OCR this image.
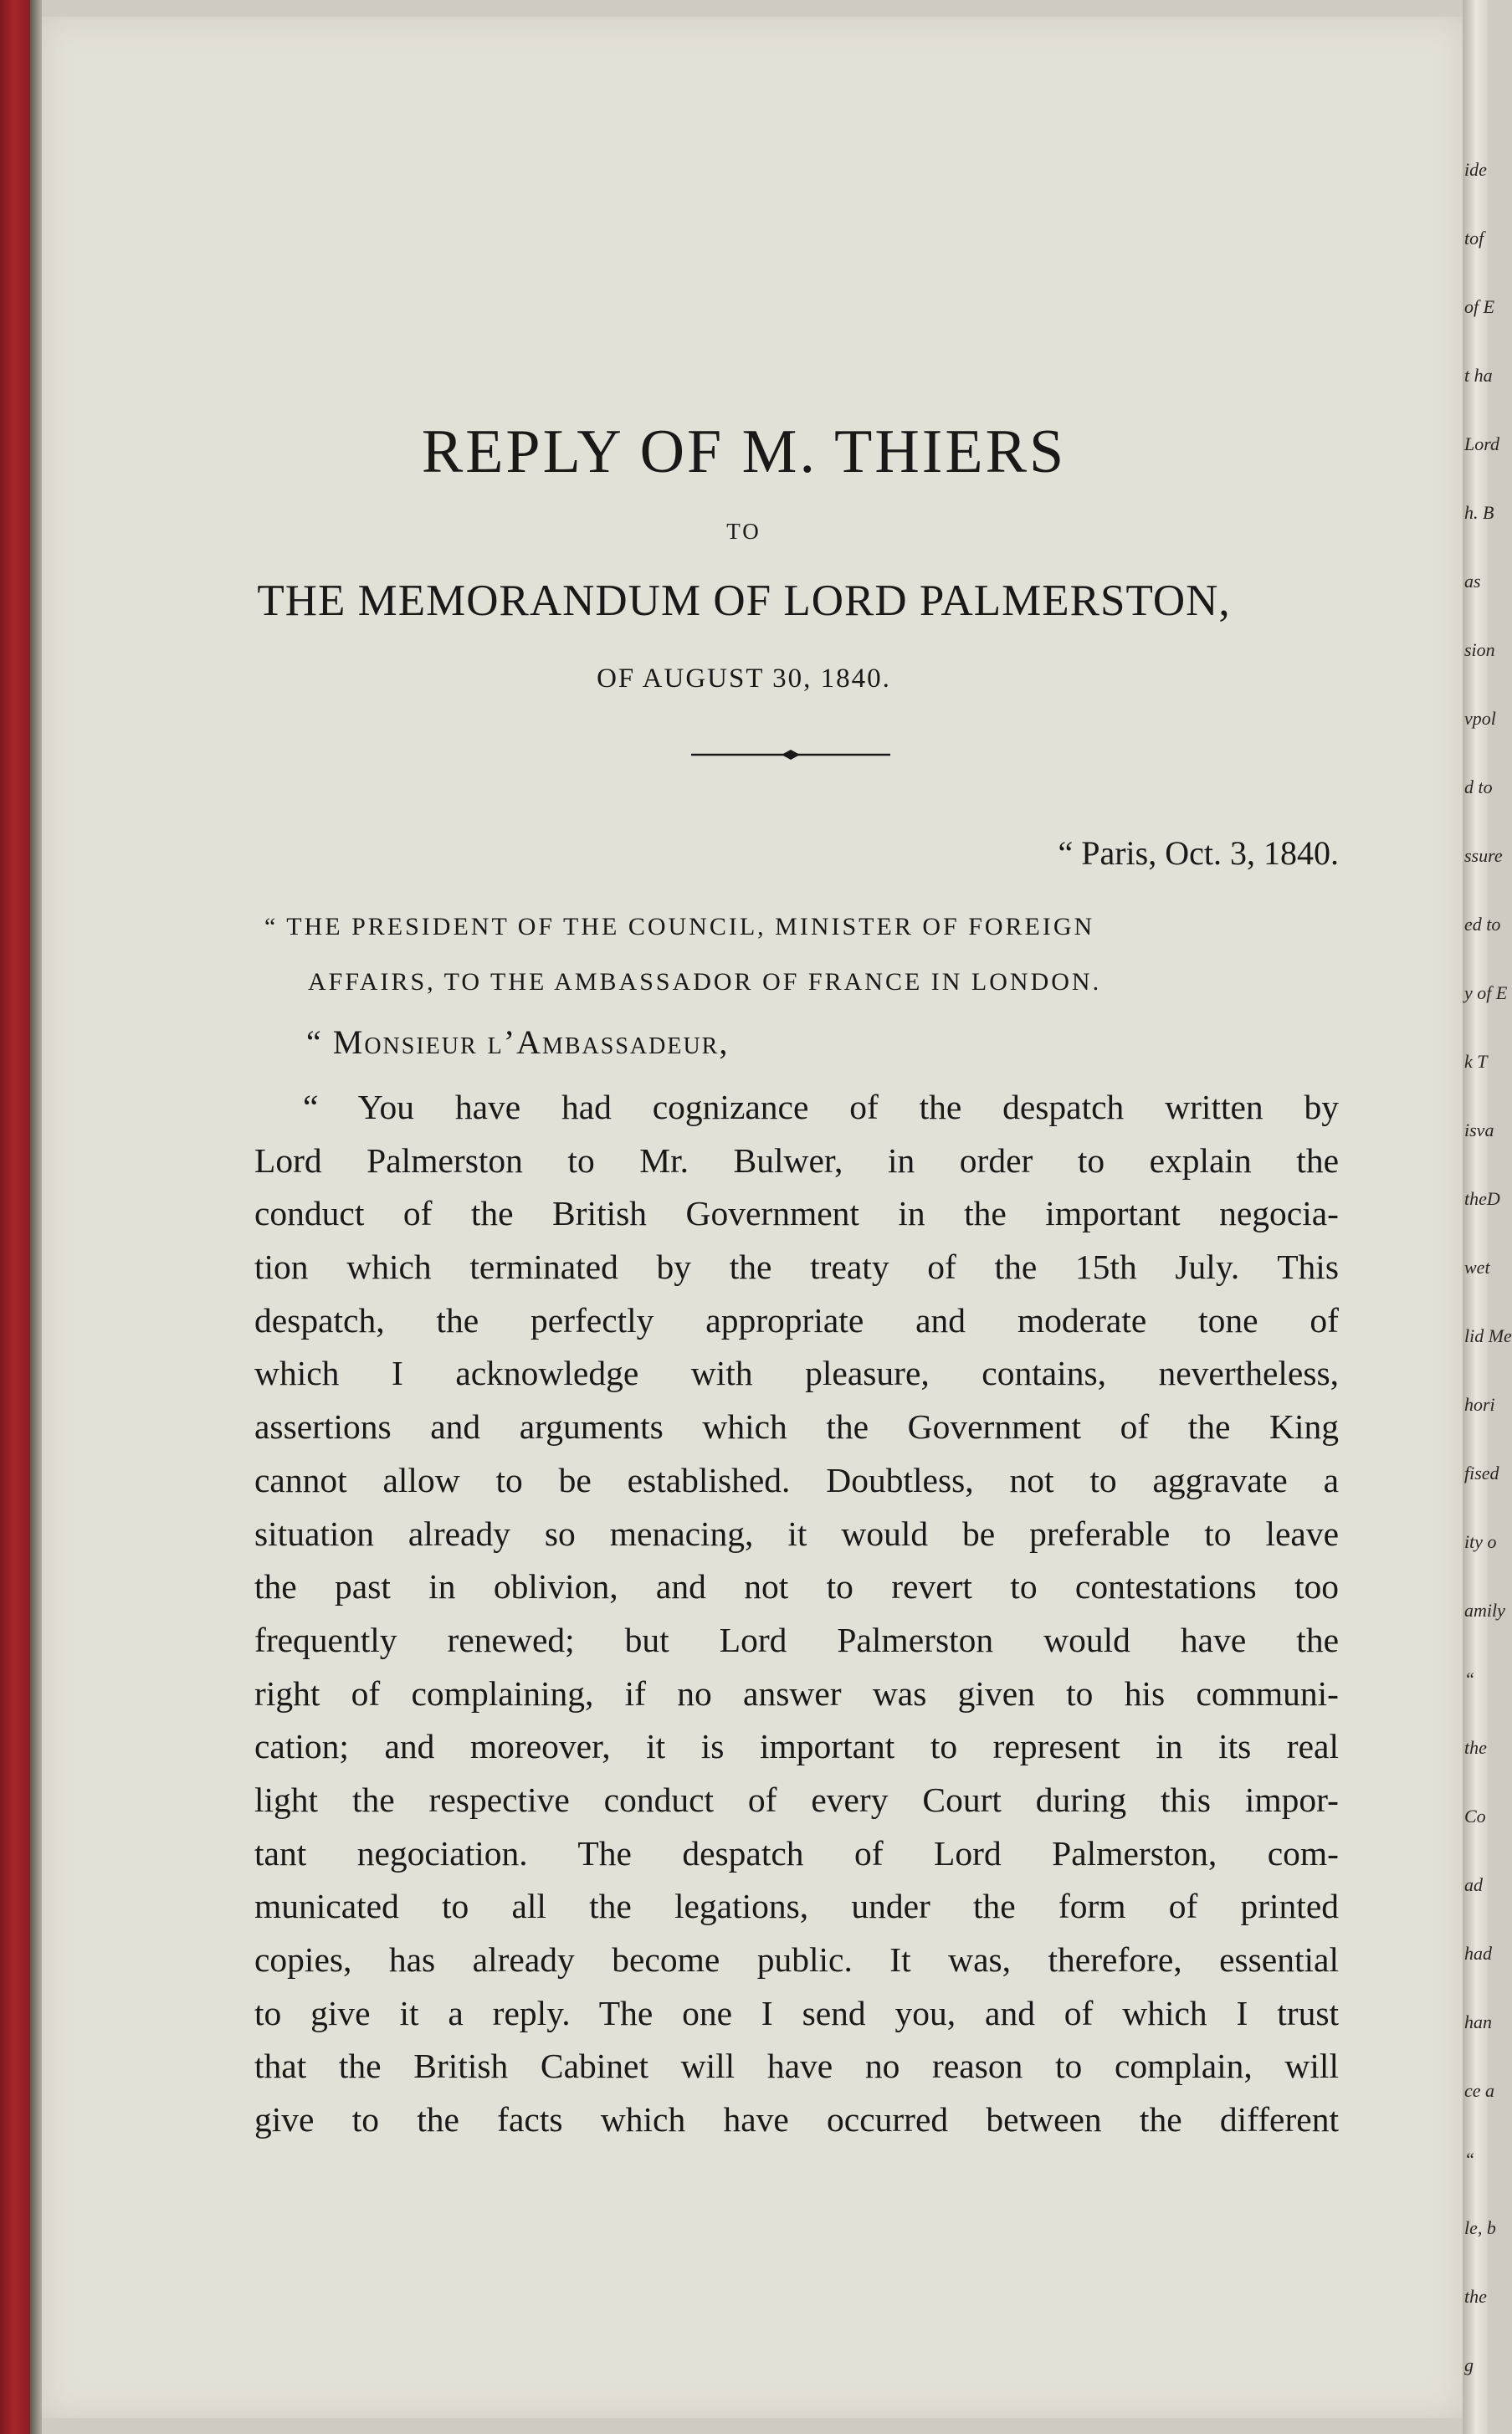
ide
tof
of E
t ha
Lord
h. B
as
sion
vpol
d to
ssure
ed to
y of E
k T
isva
theD
wet
lid Me
hori
fised
ity o
amily
“
the
Co
ad
had
han
ce a
“
le, b
the
g
REPLY OF M. THIERS
TO
THE MEMORANDUM OF LORD PALMERSTON,
OF AUGUST 30, 1840.
“ Paris, Oct. 3, 1840.
“ THE PRESIDENT OF THE COUNCIL, MINISTER OF FOREIGN
AFFAIRS, TO THE AMBASSADOR OF FRANCE IN LONDON.
“ Monsieur l’Ambassadeur,
“ You have had cognizance of the despatch written by
Lord Palmerston to Mr. Bulwer, in order to explain the
conduct of the British Government in the important negocia-
tion which terminated by the treaty of the 15th July. This
despatch, the perfectly appropriate and moderate tone of
which I acknowledge with pleasure, contains, nevertheless,
assertions and arguments which the Government of the King
cannot allow to be established. Doubtless, not to aggravate a
situation already so menacing, it would be preferable to leave
the past in oblivion, and not to revert to contestations too
frequently renewed; but Lord Palmerston would have the
right of complaining, if no answer was given to his communi-
cation; and moreover, it is important to represent in its real
light the respective conduct of every Court during this impor-
tant negociation. The despatch of Lord Palmerston, com-
municated to all the legations, under the form of printed
copies, has already become public. It was, therefore, essential
to give it a reply. The one I send you, and of which I trust
that the British Cabinet will have no reason to complain, will
give to the facts which have occurred between the different
